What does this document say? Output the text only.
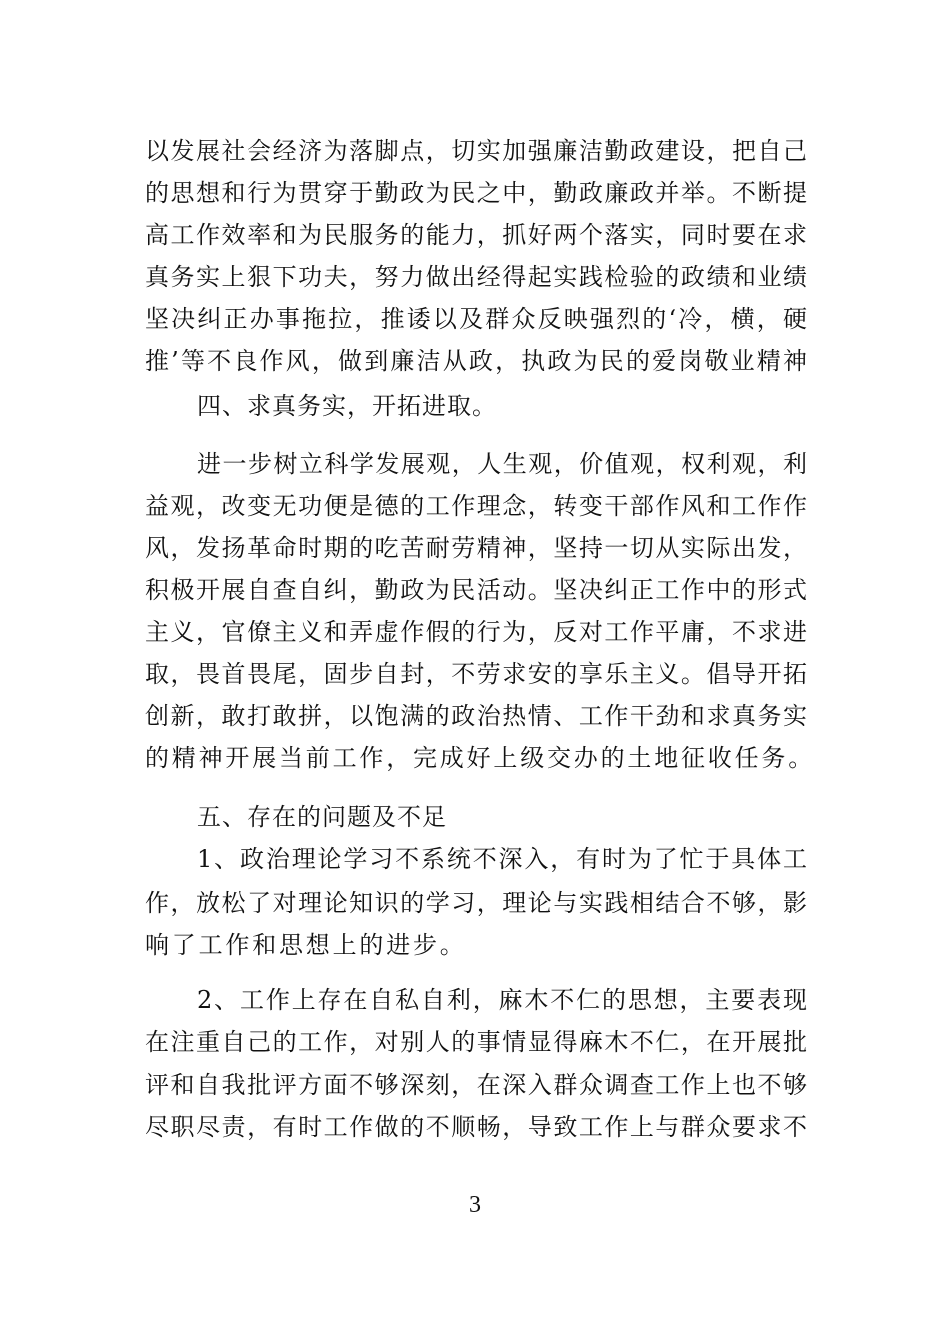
以发展社会经济为落脚点，切实加强廉洁勤政建设，把自己
的思想和行为贯穿于勤政为民之中，勤政廉政并举。不断提
高工作效率和为民服务的能力，抓好两个落实，同时要在求
真务实上狠下功夫，努力做出经得起实践检验的政绩和业绩
坚决纠正办事拖拉，推诿以及群众反映强烈的‘冷，横，硬
推’等不良作风，做到廉洁从政，执政为民的爱岗敬业精神
四、求真务实，开拓进取。
进一步树立科学发展观，人生观，价值观，权利观，利
益观，改变无功便是德的工作理念，转变干部作风和工作作
风，发扬革命时期的吃苦耐劳精神，坚持一切从实际出发，
积极开展自查自纠，勤政为民活动。坚决纠正工作中的形式
主义，官僚主义和弄虚作假的行为，反对工作平庸，不求进
取，畏首畏尾，固步自封，不劳求安的享乐主义。倡导开拓
创新，敢打敢拼，以饱满的政治热情、工作干劲和求真务实
的精神开展当前工作，完成好上级交办的土地征收任务。
五、存在的问题及不足
1、政治理论学习不系统不深入，有时为了忙于具体工
作，放松了对理论知识的学习，理论与实践相结合不够，影
响了工作和思想上的进步。
2、工作上存在自私自利，麻木不仁的思想，主要表现
在注重自己的工作，对别人的事情显得麻木不仁，在开展批
评和自我批评方面不够深刻，在深入群众调查工作上也不够
尽职尽责，有时工作做的不顺畅，导致工作上与群众要求不
3
